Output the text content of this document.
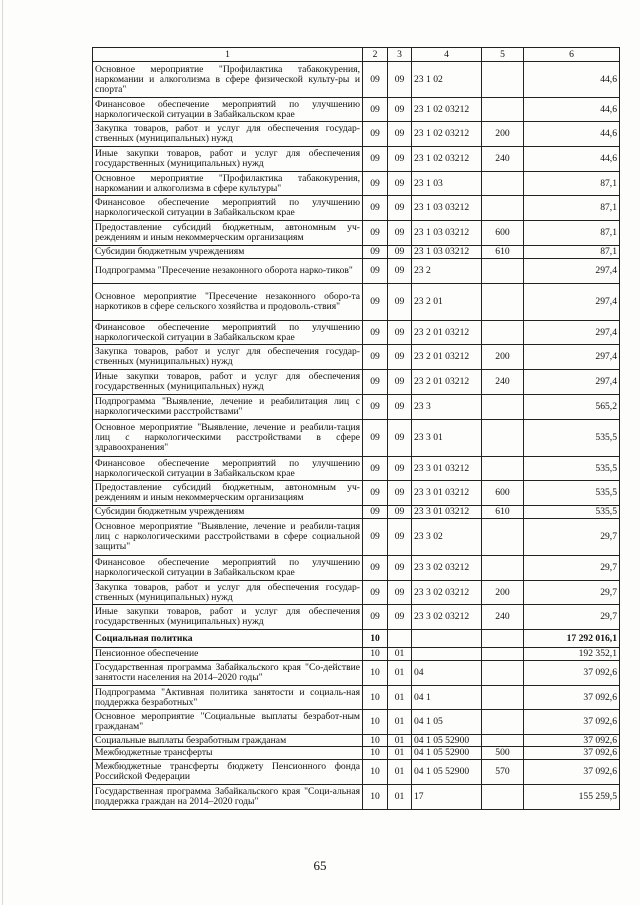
1	2	3	4	5	6
Основное мероприятие "Профилактика табакокурения, наркомании и алкоголизма в сфере физической культу-ры и спорта"	09	09	23 1 02		44,6
Финансовое обеспечение мероприятий по улучшению наркологической ситуации в Забайкальском крае	09	09	23 1 02 03212		44,6
Закупка товаров, работ и услуг для обеспечения государ-ственных (муниципальных) нужд	09	09	23 1 02 03212	200	44,6
Иные закупки товаров, работ и услуг для обеспечения государственных (муниципальных) нужд	09	09	23 1 02 03212	240	44,6
Основное мероприятие "Профилактика табакокурения, наркомании и алкоголизма в сфере культуры"	09	09	23 1 03		87,1
Финансовое обеспечение мероприятий по улучшению наркологической ситуации в Забайкальском крае	09	09	23 1 03 03212		87,1
Предоставление субсидий бюджетным, автономным уч-реждениям и иным некоммерческим организациям	09	09	23 1 03 03212	600	87,1
Субсидии бюджетным учреждениям	09	09	23 1 03 03212	610	87,1
Подпрограмма "Пресечение незаконного оборота нарко-тиков"	09	09	23 2		297,4
Основное мероприятие "Пресечение незаконного оборо-та наркотиков в сфере сельского хозяйства и продоволь-ствия"	09	09	23 2 01		297,4
Финансовое обеспечение мероприятий по улучшению наркологической ситуации в Забайкальском крае	09	09	23 2 01 03212		297,4
Закупка товаров, работ и услуг для обеспечения государ-ственных (муниципальных) нужд	09	09	23 2 01 03212	200	297,4
Иные закупки товаров, работ и услуг для обеспечения государственных (муниципальных) нужд	09	09	23 2 01 03212	240	297,4
Подпрограмма "Выявление, лечение и реабилитация лиц с наркологическими расстройствами"	09	09	23 3		565,2
Основное мероприятие "Выявление, лечение и реабили-тация лиц с наркологическими расстройствами в сфере здравоохранения"	09	09	23 3 01		535,5
Финансовое обеспечение мероприятий по улучшению наркологической ситуации в Забайкальском крае	09	09	23 3 01 03212		535,5
Предоставление субсидий бюджетным, автономным уч-реждениям и иным некоммерческим организациям	09	09	23 3 01 03212	600	535,5
Субсидии бюджетным учреждениям	09	09	23 3 01 03212	610	535,5
Основное мероприятие "Выявление, лечение и реабили-тация лиц с наркологическими расстройствами в сфере социальной защиты"	09	09	23 3 02		29,7
Финансовое обеспечение мероприятий по улучшению наркологической ситуации в Забайкальском крае	09	09	23 3 02 03212		29,7
Закупка товаров, работ и услуг для обеспечения государ-ственных (муниципальных) нужд	09	09	23 3 02 03212	200	29,7
Иные закупки товаров, работ и услуг для обеспечения государственных (муниципальных) нужд	09	09	23 3 02 03212	240	29,7
Социальная политика	10				17 292 016,1
Пенсионное обеспечение	10	01			192 352,1
Государственная программа Забайкальского края "Со-действие занятости населения на 2014–2020 годы"	10	01	04		37 092,6
Подпрограмма "Активная политика занятости и социаль-ная поддержка безработных"	10	01	04 1		37 092,6
Основное мероприятие "Социальные выплаты безработ-ным гражданам"	10	01	04 1 05		37 092,6
Социальные выплаты безработным гражданам	10	01	04 1 05 52900		37 092,6
Межбюджетные трансферты	10	01	04 1 05 52900	500	37 092,6
Межбюджетные трансферты бюджету Пенсионного фонда Российской Федерации	10	01	04 1 05 52900	570	37 092,6
Государственная программа Забайкальского края "Соци-альная поддержка граждан на 2014–2020 годы"	10	01	17		155 259,5
65
